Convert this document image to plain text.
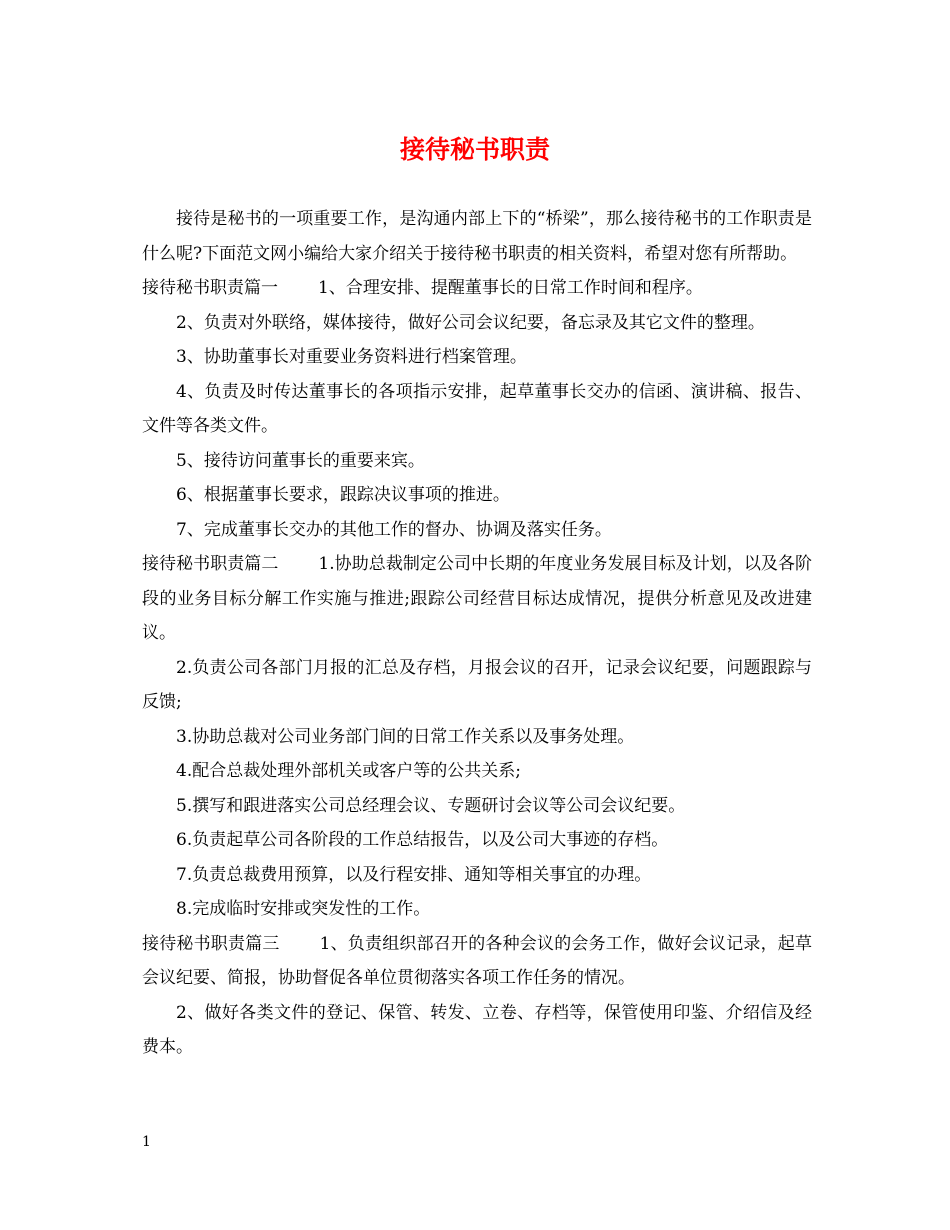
接待秘书职责

接待是秘书的一项重要工作，是沟通内部上下的“桥梁”，那么接待秘书的工作职责是什么呢?下面范文网小编给大家介绍关于接待秘书职责的相关资料，希望对您有所帮助。

接待秘书职责篇一 1、合理安排、提醒董事长的日常工作时间和程序。

2、负责对外联络，媒体接待，做好公司会议纪要，备忘录及其它文件的整理。

3、协助董事长对重要业务资料进行档案管理。

4、负责及时传达董事长的各项指示安排，起草董事长交办的信函、演讲稿、报告、文件等各类文件。

5、接待访问董事长的重要来宾。

6、根据董事长要求，跟踪决议事项的推进。

7、完成董事长交办的其他工作的督办、协调及落实任务。

接待秘书职责篇二 1.协助总裁制定公司中长期的年度业务发展目标及计划，以及各阶段的业务目标分解工作实施与推进;跟踪公司经营目标达成情况，提供分析意见及改进建议。

2.负责公司各部门月报的汇总及存档，月报会议的召开，记录会议纪要，问题跟踪与反馈;

3.协助总裁对公司业务部门间的日常工作关系以及事务处理。

4.配合总裁处理外部机关或客户等的公共关系;

5.撰写和跟进落实公司总经理会议、专题研讨会议等公司会议纪要。

6.负责起草公司各阶段的工作总结报告，以及公司大事迹的存档。

7.负责总裁费用预算，以及行程安排、通知等相关事宜的办理。

8.完成临时安排或突发性的工作。

接待秘书职责篇三 1、负责组织部召开的各种会议的会务工作，做好会议记录，起草会议纪要、简报，协助督促各单位贯彻落实各项工作任务的情况。

2、做好各类文件的登记、保管、转发、立卷、存档等，保管使用印鉴、介绍信及经费本。

1
